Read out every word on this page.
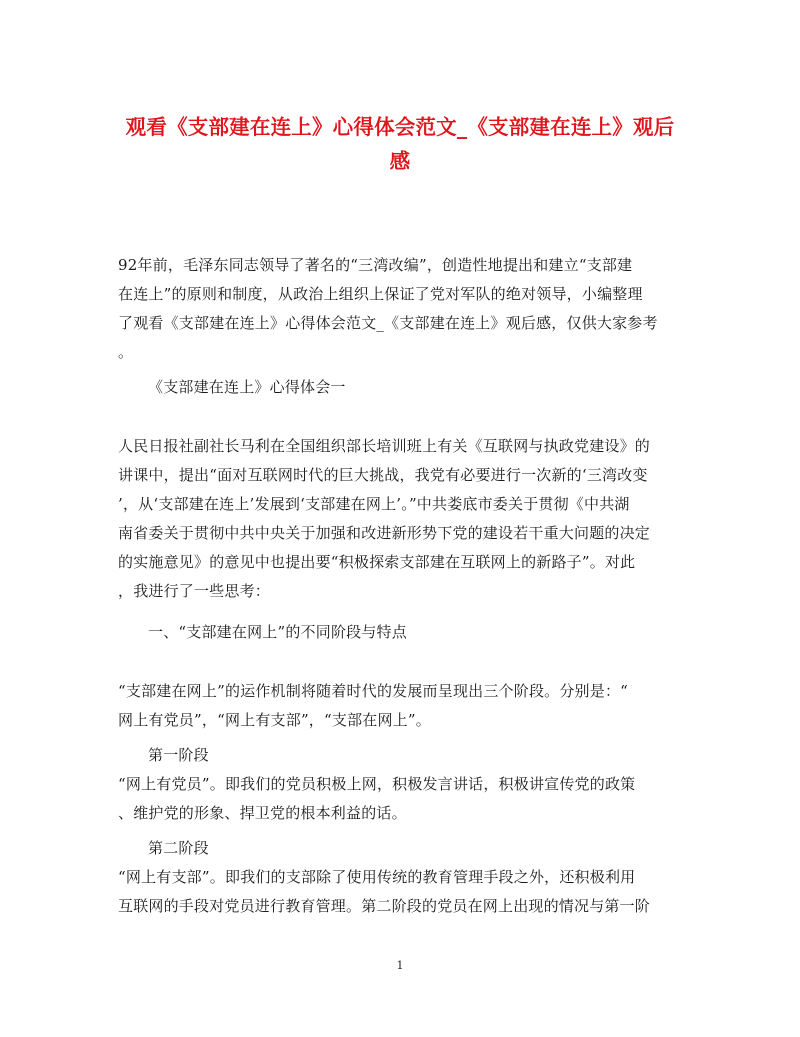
观看《支部建在连上》心得体会范文_《支部建在连上》观后
感
92年前，毛泽东同志领导了著名的“三湾改编”，创造性地提出和建立“支部建
在连上”的原则和制度，从政治上组织上保证了党对军队的绝对领导，小编整理
了观看《支部建在连上》心得体会范文_《支部建在连上》观后感，仅供大家参考
。
《支部建在连上》心得体会一
人民日报社副社长马利在全国组织部长培训班上有关《互联网与执政党建设》的
讲课中，提出“面对互联网时代的巨大挑战，我党有必要进行一次新的‘三湾改变
’，从‘支部建在连上’发展到‘支部建在网上’。”中共娄底市委关于贯彻《中共湖
南省委关于贯彻中共中央关于加强和改进新形势下党的建设若干重大问题的决定
的实施意见》的意见中也提出要“积极探索支部建在互联网上的新路子”。对此
，我进行了一些思考：
一、“支部建在网上”的不同阶段与特点
“支部建在网上”的运作机制将随着时代的发展而呈现出三个阶段。分别是：“
网上有党员”，“网上有支部”，“支部在网上”。
第一阶段
“网上有党员”。即我们的党员积极上网，积极发言讲话，积极讲宣传党的政策
、维护党的形象、捍卫党的根本利益的话。
第二阶段
“网上有支部”。即我们的支部除了使用传统的教育管理手段之外，还积极利用
互联网的手段对党员进行教育管理。第二阶段的党员在网上出现的情况与第一阶
1
